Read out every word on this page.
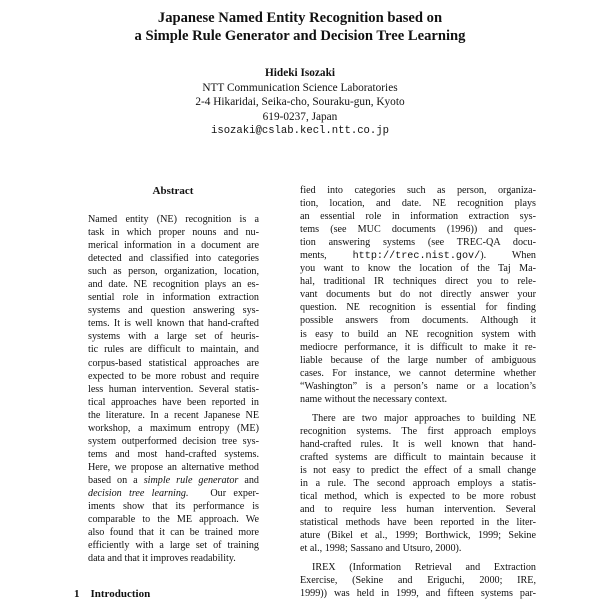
Japanese Named Entity Recognition based on
a Simple Rule Generator and Decision Tree Learning
Hideki Isozaki
NTT Communication Science Laboratories
2-4 Hikaridai, Seika-cho, Souraku-gun, Kyoto
619-0237, Japan
isozaki@cslab.kecl.ntt.co.jp
Abstract
Named entity (NE) recognition is a
task in which proper nouns and nu-
merical information in a document are
detected and classified into categories
such as person, organization, location,
and date. NE recognition plays an es-
sential role in information extraction
systems and question answering sys-
tems. It is well known that hand-crafted
systems with a large set of heuris-
tic rules are difficult to maintain, and
corpus-based statistical approaches are
expected to be more robust and require
less human intervention. Several statis-
tical approaches have been reported in
the literature. In a recent Japanese NE
workshop, a maximum entropy (ME)
system outperformed decision tree sys-
tems and most hand-crafted systems.
Here, we propose an alternative method
based on a simple rule generator and
decision tree learning. Our exper-
iments show that its performance is
comparable to the ME approach. We
also found that it can be trained more
efficiently with a large set of training
data and that it improves readability.
fied into categories such as person, organiza-
tion, location, and date. NE recognition plays
an essential role in information extraction sys-
tems (see MUC documents (1996)) and ques-
tion answering systems (see TREC-QA docu-
ments,	http://trec.nist.gov/). When
you want to know the location of the Taj Ma-
hal, traditional IR techniques direct you to rele-
vant documents but do not directly answer your
question. NE recognition is essential for finding
possible answers from documents. Although it
is easy to build an NE recognition system with
mediocre performance, it is difficult to make it re-
liable because of the large number of ambiguous
cases. For instance, we cannot determine whether
“Washington” is a person’s name or a location’s
name without the necessary context.
There are two major approaches to building NE
recognition systems. The first approach employs
hand-crafted rules. It is well known that hand-
crafted systems are difficult to maintain because it
is not easy to predict the effect of a small change
in a rule. The second approach employs a statis-
tical method, which is expected to be more robust
and to require less human intervention. Several
statistical methods have been reported in the liter-
ature (Bikel et al., 1999; Borthwick, 1999; Sekine
et al., 1998; Sassano and Utsuro, 2000).
IREX (Information Retrieval and Extraction
Exercise, (Sekine and Eriguchi, 2000; IRE,
1999)) was held in 1999, and fifteen systems par-
1 Introduction
